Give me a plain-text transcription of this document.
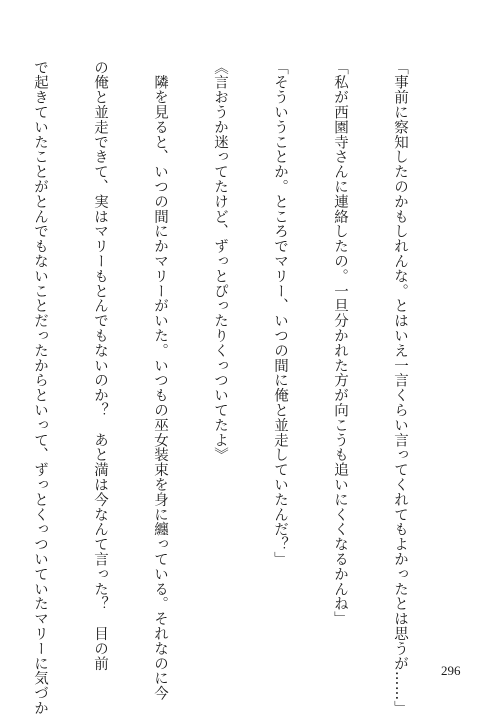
「事前に察知したのかもしれんな。とはいえ一言くらい言ってくれてもよかったとは思うが……」

「私が西園寺さんに連絡したの。一旦分かれた方が向こうも追いにくくなるかんね」

「そういうことか。ところでマリー、いつの間に俺と並走していたんだ？」

《言おうか迷ってたけど、ずっとぴったりくっついてたよ》

　隣を見ると、いつの間にかマリーがいた。いつもの巫女装束を身に纏っている。それなのに今

の俺と並走できて、実はマリーもとんでもないのか？　あと満は今なんて言った？　目の前

で起きていたことがとんでもないことだったからといって、ずっとくっついていたマリーに気づか

	296
